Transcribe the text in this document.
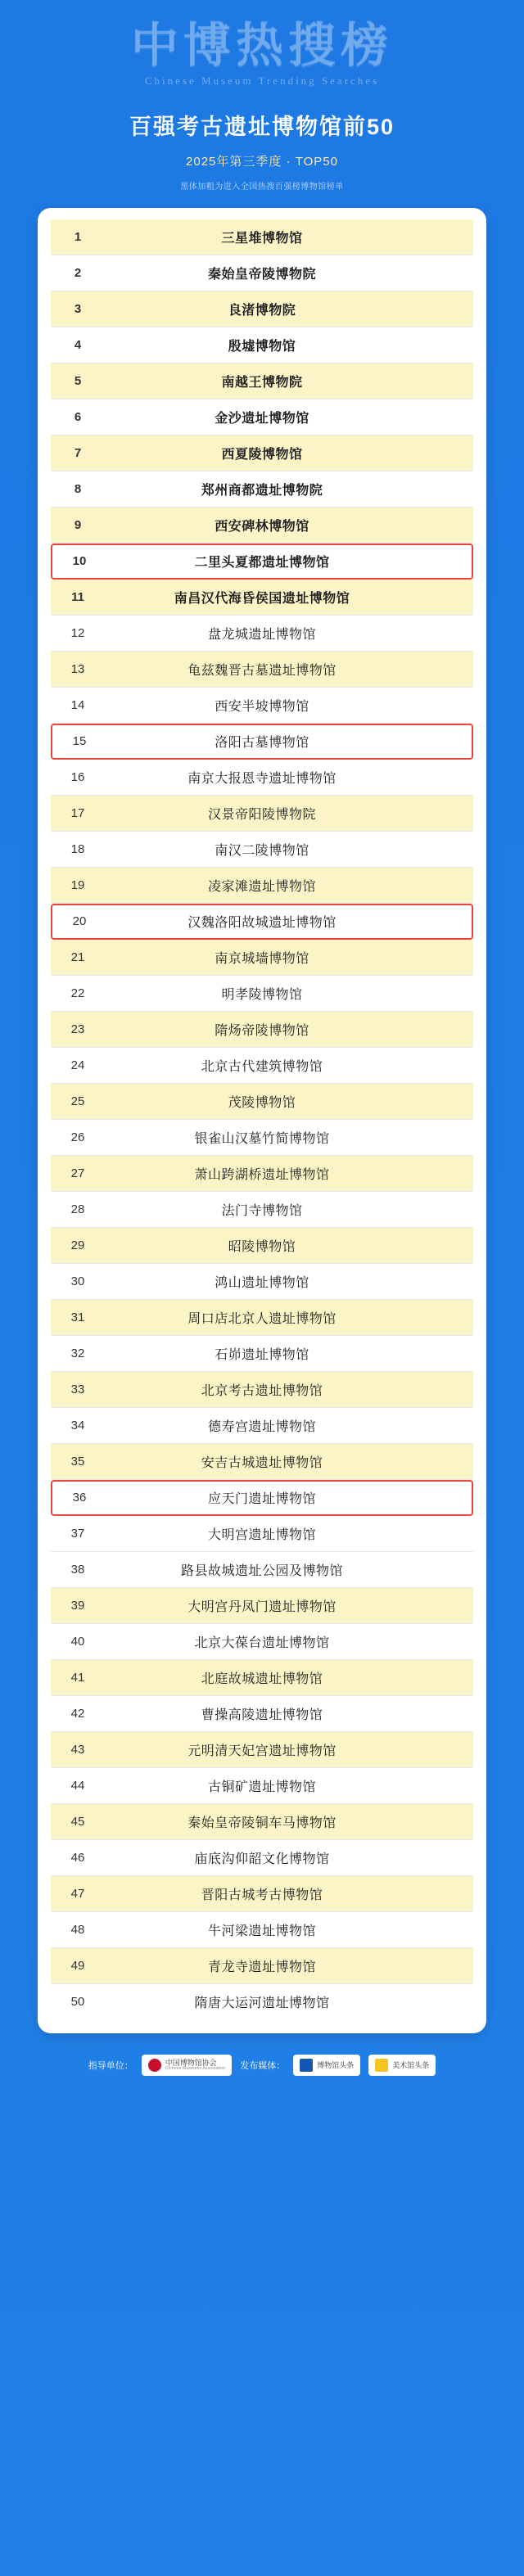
中博热搜榜
Chinese Museum Trending Searches
百强考古遗址博物馆前50
2025年第三季度 · TOP50
黑体加粗为进入全国热搜百强榜博物馆榜单
1	三星堆博物馆
2	秦始皇帝陵博物院
3	良渚博物院
4	殷墟博物馆
5	南越王博物院
6	金沙遗址博物馆
7	西夏陵博物馆
8	郑州商都遗址博物院
9	西安碑林博物馆
10	二里头夏都遗址博物馆
11	南昌汉代海昏侯国遗址博物馆
12	盘龙城遗址博物馆
13	龟兹魏晋古墓遗址博物馆
14	西安半坡博物馆
15	洛阳古墓博物馆
16	南京大报恩寺遗址博物馆
17	汉景帝阳陵博物院
18	南汉二陵博物馆
19	凌家滩遗址博物馆
20	汉魏洛阳故城遗址博物馆
21	南京城墙博物馆
22	明孝陵博物馆
23	隋炀帝陵博物馆
24	北京古代建筑博物馆
25	茂陵博物馆
26	银雀山汉墓竹简博物馆
27	萧山跨湖桥遗址博物馆
28	法门寺博物馆
29	昭陵博物馆
30	鸿山遗址博物馆
31	周口店北京人遗址博物馆
32	石峁遗址博物馆
33	北京考古遗址博物馆
34	德寿宫遗址博物馆
35	安吉古城遗址博物馆
36	应天门遗址博物馆
37	大明宫遗址博物馆
38	路县故城遗址公园及博物馆
39	大明宫丹凤门遗址博物馆
40	北京大葆台遗址博物馆
41	北庭故城遗址博物馆
42	曹操高陵遗址博物馆
43	元明清天妃宫遗址博物馆
44	古铜矿遗址博物馆
45	秦始皇帝陵铜车马博物馆
46	庙底沟仰韶文化博物馆
47	晋阳古城考古博物馆
48	牛河梁遗址博物馆
49	青龙寺遗址博物馆
50	隋唐大运河遗址博物馆
指导单位：	中国博物馆协会
Chinese Museums Association 发布媒体：	博物馆头条	美术馆头条
